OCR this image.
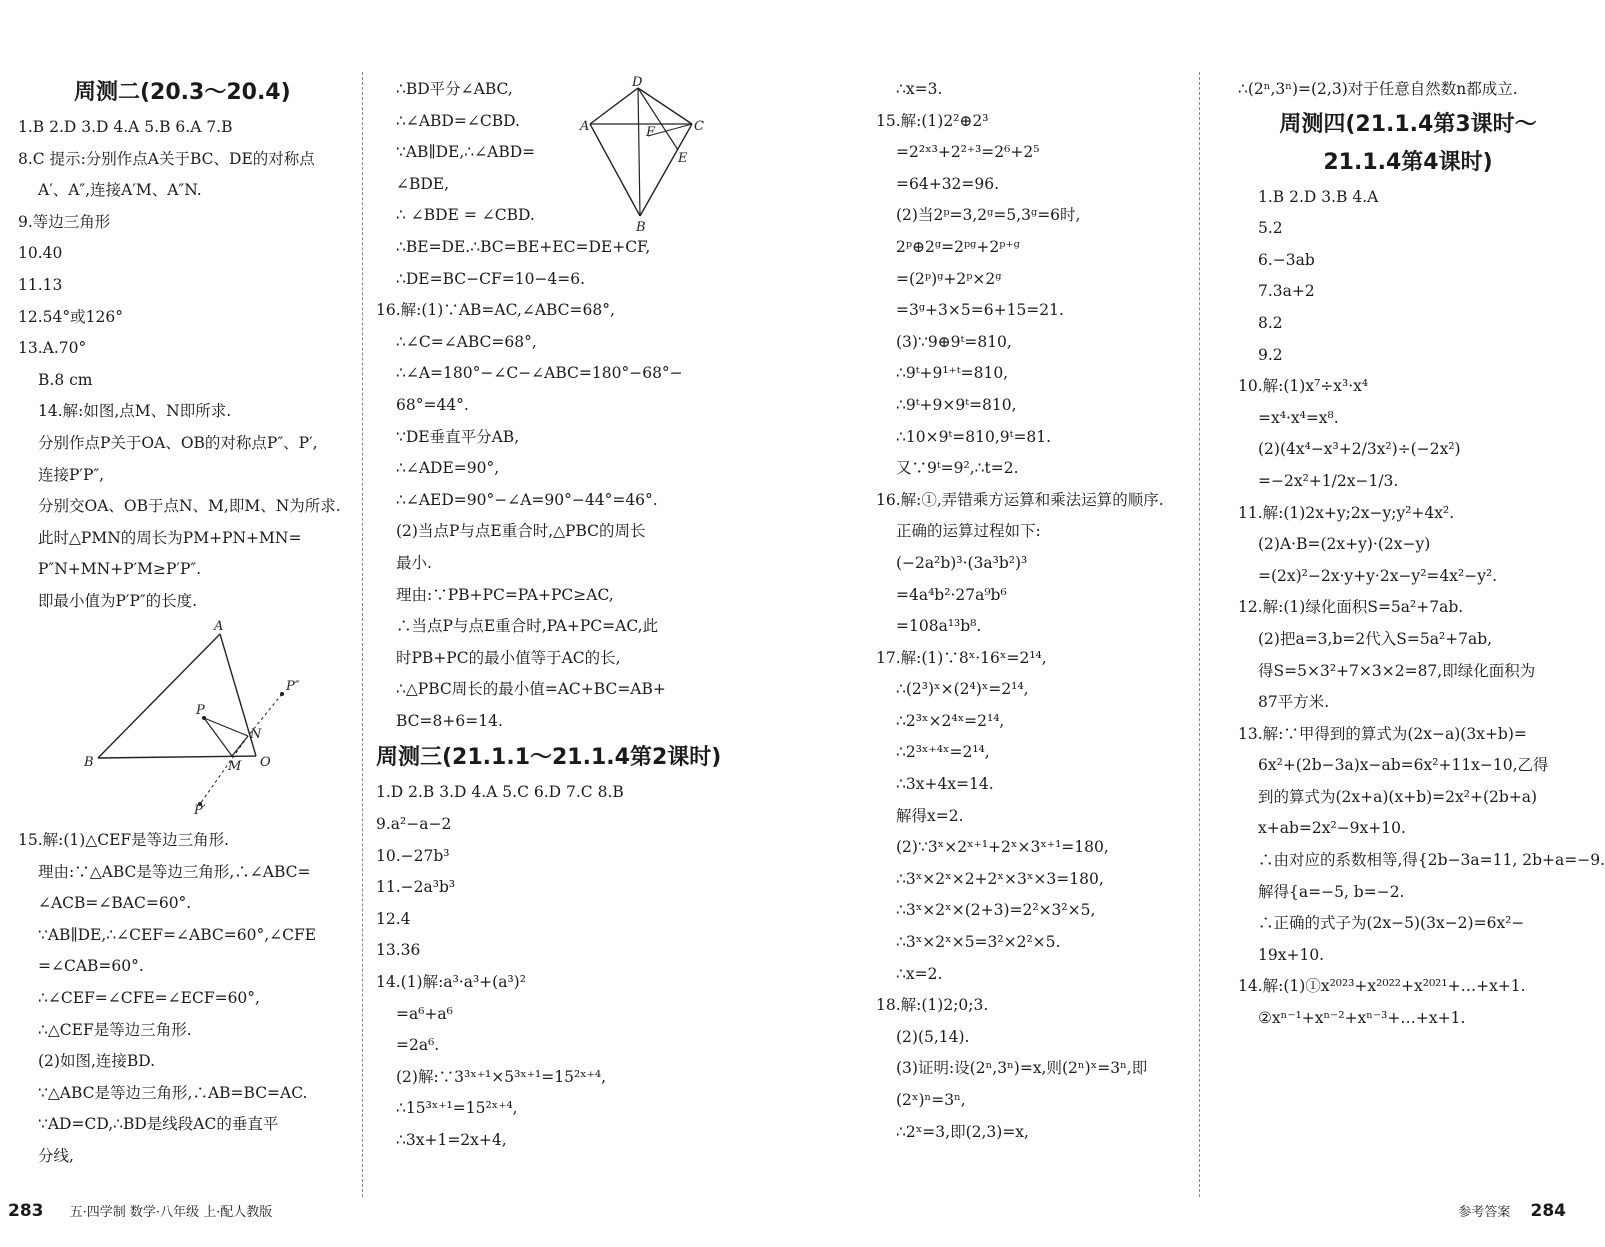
周测二(20.3～20.4)
1.B 2.D 3.D 4.A 5.B 6.A 7.B
8.C 提示:分别作点A关于BC、DE的对称点
A′、A″,连接A′M、A″N.
9.等边三角形
10.40
11.13
12.54°或126°
13.A.70°
B.8 cm
14.解:如图,点M、N即所求.
分别作点P关于OA、OB的对称点P″、P′,
连接P′P″,
分别交OA、OB于点N、M,即M、N为所求.
此时△PMN的周长为PM+PN+MN=
P″N+MN+P′M≥P′P″.
即最小值为P′P″的长度.
A
B	O
P
N
M
P″
P′
15.解:(1)△CEF是等边三角形.
理由:∵△ABC是等边三角形,∴∠ABC=
∠ACB=∠BAC=60°.
∵AB∥DE,∴∠CEF=∠ABC=60°,∠CFE
=∠CAB=60°.
∴∠CEF=∠CFE=∠ECF=60°,
∴△CEF是等边三角形.
(2)如图,连接BD.
∵△ABC是等边三角形,∴AB=BC=AC.
∵AD=CD,∴BD是线段AC的垂直平
分线,
∴BD平分∠ABC,
∴∠ABD=∠CBD.
∵AB∥DE,∴∠ABD=
∠BDE,
∴ ∠BDE = ∠CBD.
∴BE=DE.∴BC=BE+EC=DE+CF,
∴DE=BC−CF=10−4=6.
16.解:(1)∵AB=AC,∠ABC=68°,
∴∠C=∠ABC=68°,
∴∠A=180°−∠C−∠ABC=180°−68°−
68°=44°.
∵DE垂直平分AB,
∴∠ADE=90°,
∴∠AED=90°−∠A=90°−44°=46°.
(2)当点P与点E重合时,△PBC的周长
最小.
理由:∵PB+PC=PA+PC≥AC,
∴当点P与点E重合时,PA+PC=AC,此
时PB+PC的最小值等于AC的长,
∴△PBC周长的最小值=AC+BC=AB+
BC=8+6=14.
周测三(21.1.1～21.1.4第2课时)
1.D 2.B 3.D 4.A 5.C 6.D 7.C 8.B
9.a²−a−2
10.−27b³
11.−2a³b³
12.4
13.36
14.(1)解:a³·a³+(a³)²
=a⁶+a⁶
=2a⁶.
(2)解:∵3³ˣ⁺¹×5³ˣ⁺¹=15²ˣ⁺⁴,
∴15³ˣ⁺¹=15²ˣ⁺⁴,
∴3x+1=2x+4,
D
A	C
F
E
B
∴x=3.
15.解:(1)2²⊕2³
=2²ˣ³+2²⁺³=2⁶+2⁵
=64+32=96.
(2)当2ᵖ=3,2ᵍ=5,3ᵍ=6时,
2ᵖ⊕2ᵍ=2ᵖᵍ+2ᵖ⁺ᵍ
=(2ᵖ)ᵍ+2ᵖ×2ᵍ
=3ᵍ+3×5=6+15=21.
(3)∵9⊕9ᵗ=810,
∴9ᵗ+9¹⁺ᵗ=810,
∴9ᵗ+9×9ᵗ=810,
∴10×9ᵗ=810,9ᵗ=81.
又∵9ᵗ=9²,∴t=2.
16.解:①,弄错乘方运算和乘法运算的顺序.
正确的运算过程如下:
(−2a²b)³·(3a³b²)³
=4a⁴b²·27a⁹b⁶
=108a¹³b⁸.
17.解:(1)∵8ˣ·16ˣ=2¹⁴,
∴(2³)ˣ×(2⁴)ˣ=2¹⁴,
∴2³ˣ×2⁴ˣ=2¹⁴,
∴2³ˣ⁺⁴ˣ=2¹⁴,
∴3x+4x=14.
解得x=2.
(2)∵3ˣ×2ˣ⁺¹+2ˣ×3ˣ⁺¹=180,
∴3ˣ×2ˣ×2+2ˣ×3ˣ×3=180,
∴3ˣ×2ˣ×(2+3)=2²×3²×5,
∴3ˣ×2ˣ×5=3²×2²×5.
∴x=2.
18.解:(1)2;0;3.
(2)(5,14).
(3)证明:设(2ⁿ,3ⁿ)=x,则(2ⁿ)ˣ=3ⁿ,即
(2ˣ)ⁿ=3ⁿ,
∴2ˣ=3,即(2,3)=x,
∴(2ⁿ,3ⁿ)=(2,3)对于任意自然数n都成立.
周测四(21.1.4第3课时～
21.1.4第4课时)
1.B 2.D 3.B 4.A
5.2
6.−3ab
7.3a+2
8.2
9.2
10.解:(1)x⁷÷x³·x⁴
=x⁴·x⁴=x⁸.
(2)(4x⁴−x³+2/3x²)÷(−2x²)
=−2x²+1/2x−1/3.
11.解:(1)2x+y;2x−y;y²+4x².
(2)A·B=(2x+y)·(2x−y)
=(2x)²−2x·y+y·2x−y²=4x²−y².
12.解:(1)绿化面积S=5a²+7ab.
(2)把a=3,b=2代入S=5a²+7ab,
得S=5×3²+7×3×2=87,即绿化面积为
87平方米.
13.解:∵甲得到的算式为(2x−a)(3x+b)=
6x²+(2b−3a)x−ab=6x²+11x−10,乙得
到的算式为(2x+a)(x+b)=2x²+(2b+a)
x+ab=2x²−9x+10.
∴由对应的系数相等,得{2b−3a=11, 2b+a=−9.
解得{a=−5, b=−2.
∴正确的式子为(2x−5)(3x−2)=6x²−
19x+10.
14.解:(1)①x²⁰²³+x²⁰²²+x²⁰²¹+…+x+1.
②xⁿ⁻¹+xⁿ⁻²+xⁿ⁻³+…+x+1.
283 五·四学制 数学·八年级 上·配人教版	参考答案 284
